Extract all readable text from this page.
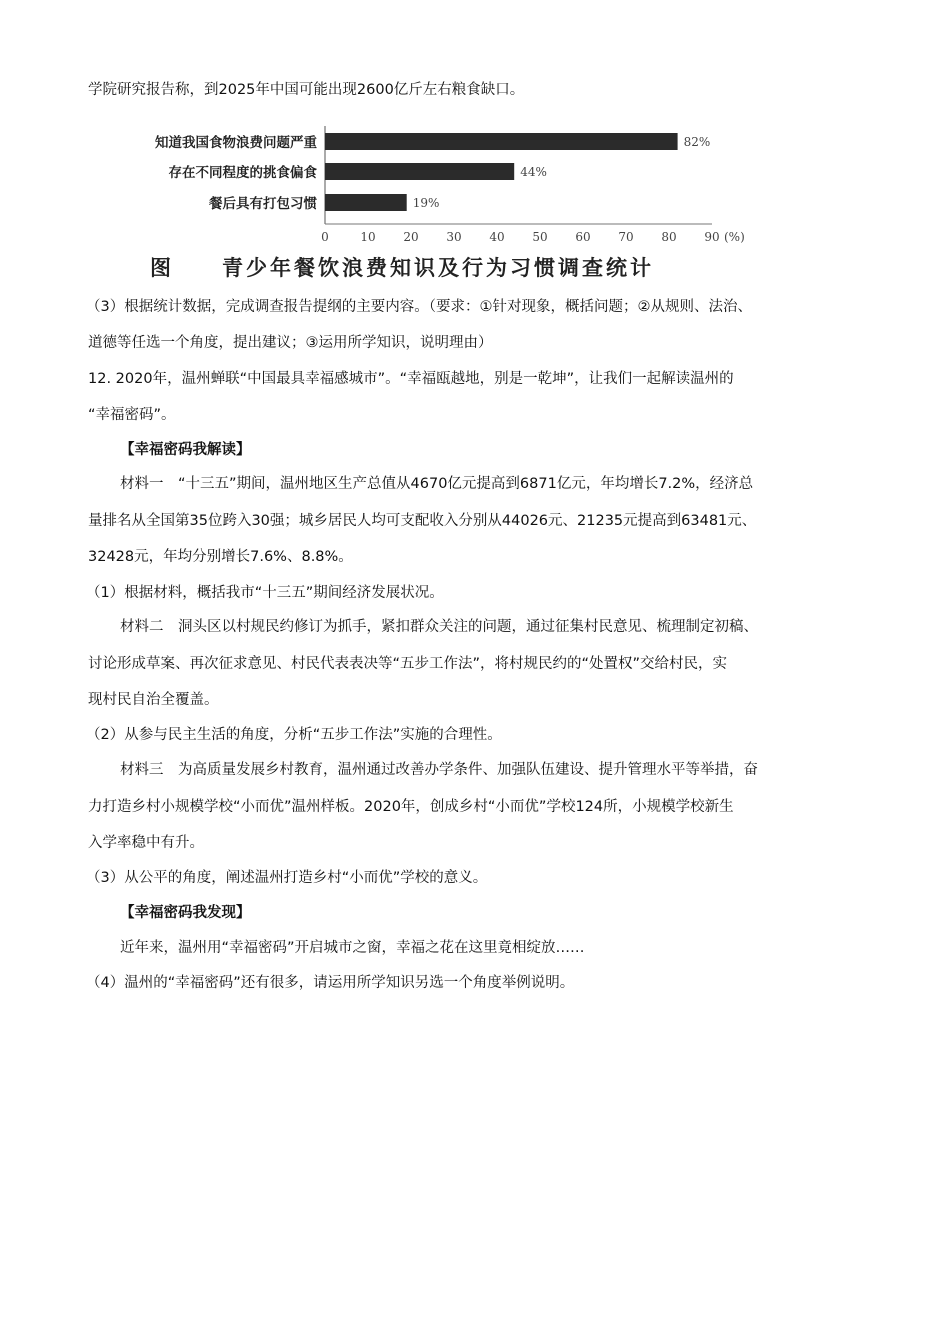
学院研究报告称，到2025年中国可能出现2600亿斤左右粮食缺口。
知道我国食物浪费问题严重	82%
存在不同程度的挑食偏食	44%
餐后具有打包习惯	19%
0	10 20 30 40 50 60 70 80 90 (%)
图　　青少年餐饮浪费知识及行为习惯调查统计
（3）根据统计数据，完成调查报告提纲的主要内容。（要求：①针对现象，概括问题；②从规则、法治、
道德等任选一个角度，提出建议；③运用所学知识，说明理由）
12. 2020年，温州蝉联“中国最具幸福感城市”。“幸福瓯越地，别是一乾坤”，让我们一起解读温州的
“幸福密码”。
【幸福密码我解读】
材料一　“十三五”期间，温州地区生产总值从4670亿元提高到6871亿元，年均增长7.2%，经济总
量排名从全国第35位跨入30强；城乡居民人均可支配收入分别从44026元、21235元提高到63481元、
32428元，年均分别增长7.6%、8.8%。
（1）根据材料，概括我市“十三五”期间经济发展状况。
材料二　洞头区以村规民约修订为抓手，紧扣群众关注的问题，通过征集村民意见、梳理制定初稿、
讨论形成草案、再次征求意见、村民代表表决等“五步工作法”，将村规民约的“处置权”交给村民，实
现村民自治全覆盖。
（2）从参与民主生活的角度，分析“五步工作法”实施的合理性。
材料三　为高质量发展乡村教育，温州通过改善办学条件、加强队伍建设、提升管理水平等举措，奋
力打造乡村小规模学校“小而优”温州样板。2020年，创成乡村“小而优”学校124所，小规模学校新生
入学率稳中有升。
（3）从公平的角度，阐述温州打造乡村“小而优”学校的意义。
【幸福密码我发现】
近年来，温州用“幸福密码”开启城市之窗，幸福之花在这里竟相绽放……
（4）温州的“幸福密码”还有很多，请运用所学知识另选一个角度举例说明。
